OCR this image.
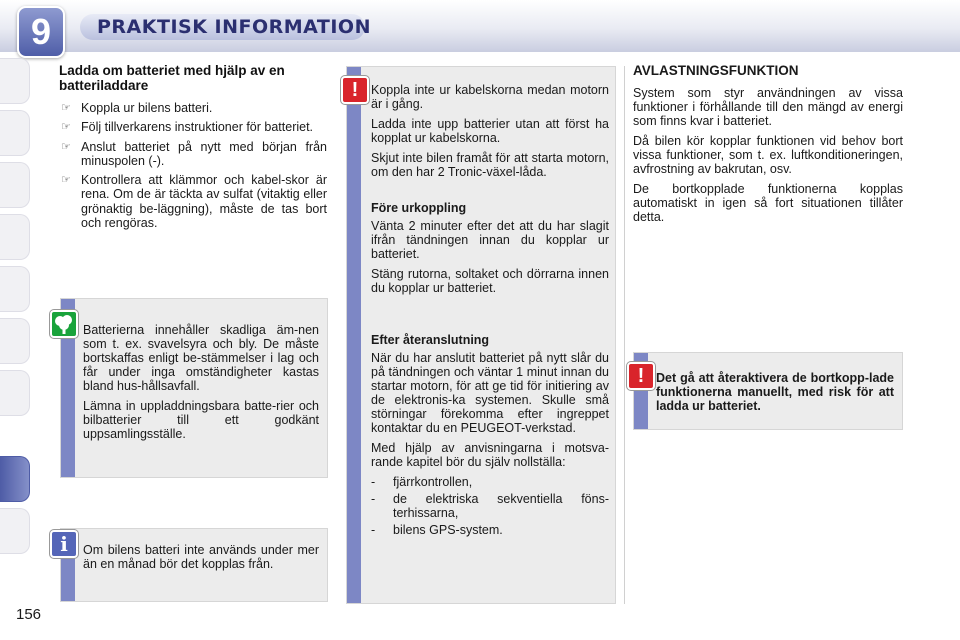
9	PRAKTISK INFORMATION
Ladda om batteriet med hjälp av en batteriladdare
☞ Koppla ur bilens batteri.
☞ Följ tillverkarens instruktioner för batteriet.
☞ Anslut batteriet på nytt med början från minuspolen (-).
☞ Kontrollera att klämmor och kabel-skor är rena. Om de är täckta av sulfat (vitaktig eller grönaktig be-läggning), måste de tas bort och rengöras.

Batterierna innehåller skadliga äm-nen som t. ex. svavelsyra och bly. De måste bortskaffas enligt be-stämmelser i lag och får under inga omständigheter kastas bland hus-hållsavfall.

Lämna in uppladdningsbara batte-rier och bilbatterier till ett godkänt uppsamlingsställe.

Om bilens batteri inte används under mer än en månad bör det kopplas från.
i

Koppla inte ur kabelskorna medan motorn är i gång.

Ladda inte upp batterier utan att först ha kopplat ur kabelskorna.

Skjut inte bilen framåt för att starta motorn, om den har 2 Tronic-växel-låda.

Före urkoppling

Vänta 2 minuter efter det att du har slagit ifrån tändningen innan du kopplar ur batteriet.

Stäng rutorna, soltaket och dörrarna innen du kopplar ur batteriet.

Efter återanslutning

När du har anslutit batteriet på nytt slår du på tändningen och väntar 1 minut innan du startar motorn, för att ge tid för initiering av de elektronis-ka systemen. Skulle små störningar förekomma efter ingreppet kontaktar du en PEUGEOT-verkstad.

Med hjälp av anvisningarna i motsva-rande kapitel bör du själv nollställa:

- fjärrkontrollen,
- de elektriska sekventiella föns-terhissarna,
- bilens GPS-system.
!
AVLASTNINGSFUNKTION

System som styr användningen av vissa funktioner i förhållande till den mängd av energi som finns kvar i batteriet.

Då bilen kör kopplar funktionen vid behov bort vissa funktioner, som t. ex. luftkonditioneringen, avfrostning av bakrutan, osv.

De bortkopplade funktionerna kopplas automatiskt in igen så fort situationen tillåter detta.

Det gå att återaktivera de bortkopp-lade funktionerna manuellt, med risk för att ladda ur batteriet.
!
156
